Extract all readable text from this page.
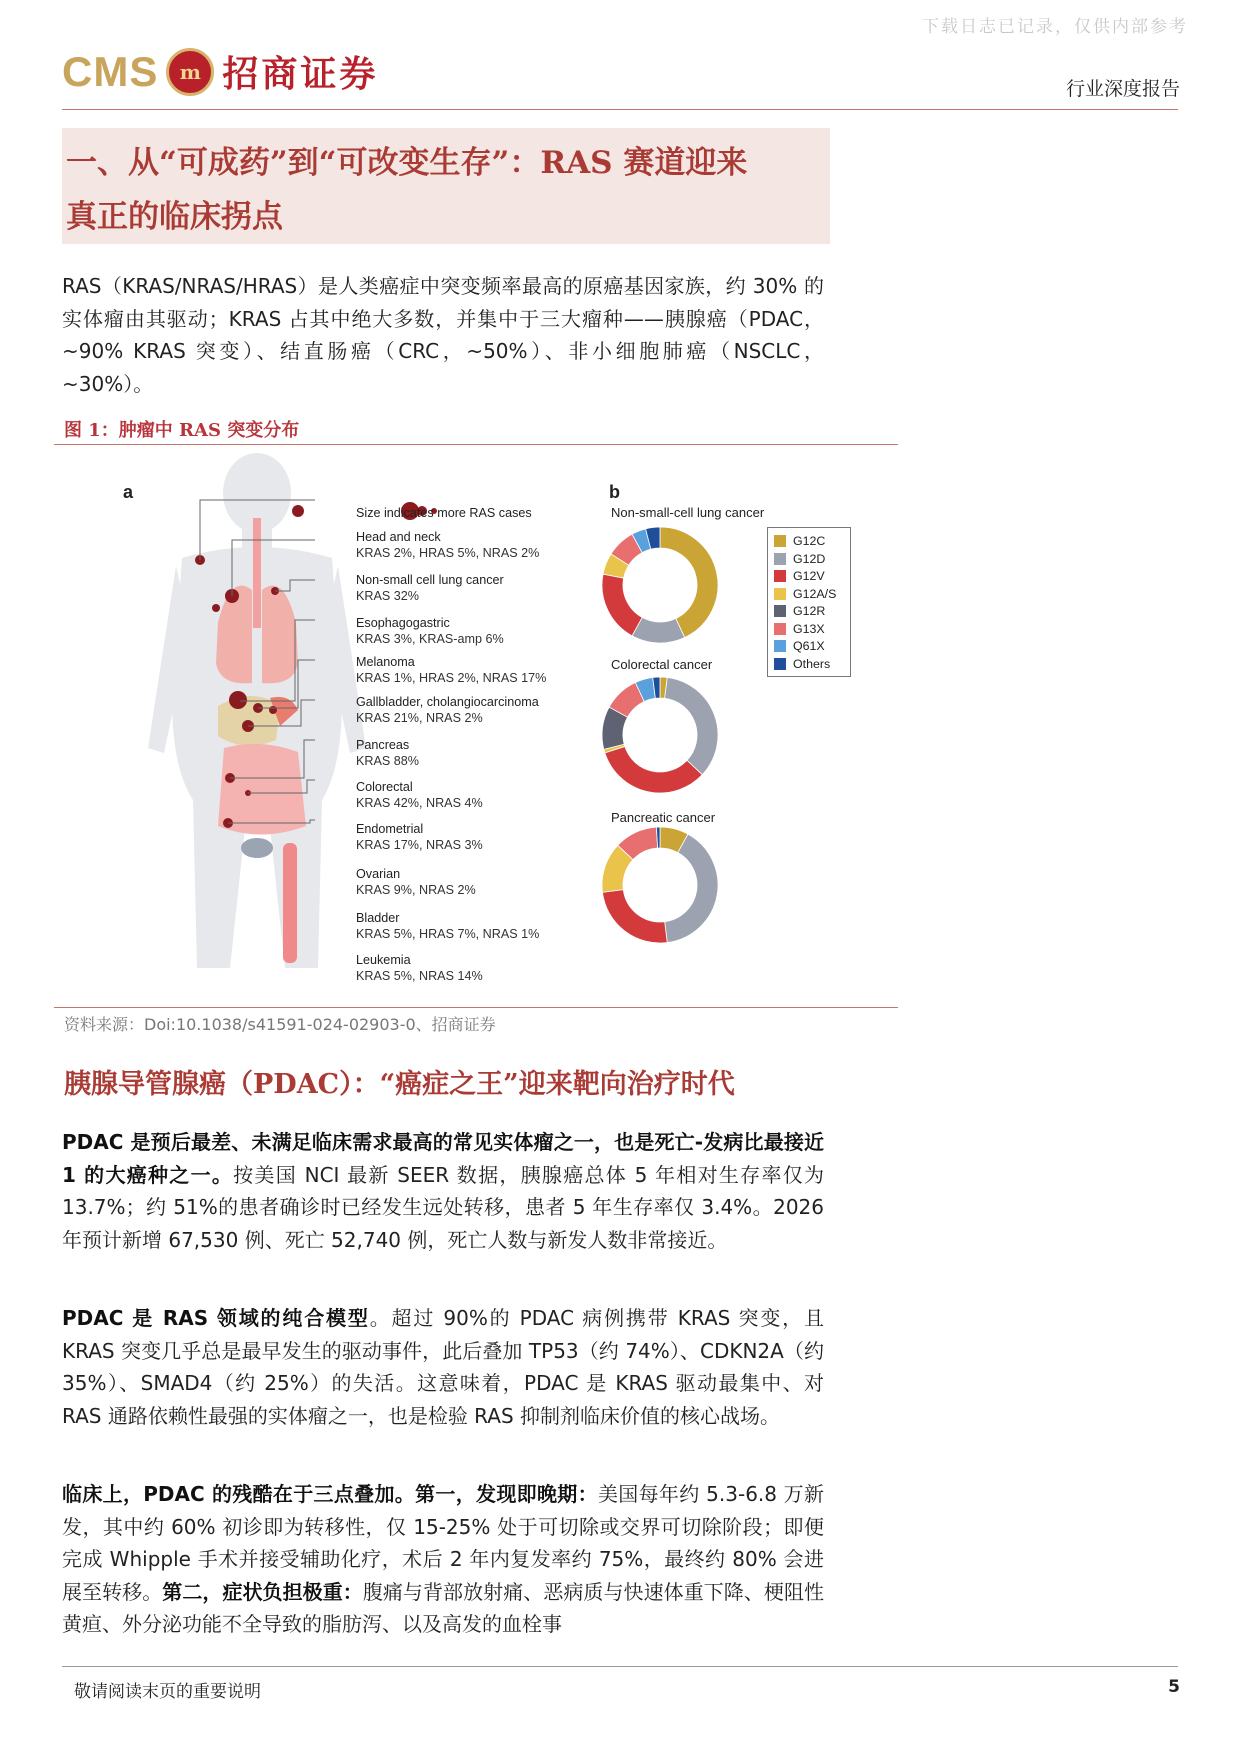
下载日志已记录，仅供内部参考
CMS	m 招商证券	行业深度报告
一、从“可成药”到“可改变生存”：RAS 赛道迎来
真正的临床拐点
RAS（KRAS/NRAS/HRAS）是人类癌症中突变频率最高的原癌基因家族，约 30% 的实体瘤由其驱动；KRAS 占其中绝大多数，并集中于三大瘤种——胰腺癌（PDAC，~90% KRAS 突变）、结直肠癌（CRC，~50%）、非小细胞肺癌（NSCLC，~30%）。
图 1：肿瘤中 RAS 突变分布
a	b
Size indicates more RAS cases
Head and neck
KRAS 2%, HRAS 5%, NRAS 2%
Non-small cell lung cancer
KRAS 32%
Esophagogastric
KRAS 3%, KRAS-amp 6%
Melanoma
KRAS 1%, HRAS 2%, NRAS 17%
Gallbladder, cholangiocarcinoma
KRAS 21%, NRAS 2%
Pancreas
KRAS 88%
Colorectal
KRAS 42%, NRAS 4%
Endometrial
KRAS 17%, NRAS 3%
Ovarian
KRAS 9%, NRAS 2%
Bladder
KRAS 5%, HRAS 7%, NRAS 1%
Leukemia
KRAS 5%, NRAS 14%
Non-small-cell lung cancer
Colorectal cancer
Pancreatic cancer
G12C
G12D
G12V
G12A/S
G12R
G13X
Q61X
Others
资料来源：Doi:10.1038/s41591-024-02903-0、招商证券
胰腺导管腺癌（PDAC）：“癌症之王”迎来靶向治疗时代
PDAC 是预后最差、未满足临床需求最高的常见实体瘤之一，也是死亡-发病比最接近 1 的大癌种之一。按美国 NCI 最新 SEER 数据，胰腺癌总体 5 年相对生存率仅为 13.7%；约 51%的患者确诊时已经发生远处转移，患者 5 年生存率仅 3.4%。2026 年预计新增 67,530 例、死亡 52,740 例，死亡人数与新发人数非常接近。
PDAC 是 RAS 领域的纯合模型。超过 90%的 PDAC 病例携带 KRAS 突变，且 KRAS 突变几乎总是最早发生的驱动事件，此后叠加 TP53（约 74%）、CDKN2A（约 35%）、SMAD4（约 25%）的失活。这意味着，PDAC 是 KRAS 驱动最集中、对 RAS 通路依赖性最强的实体瘤之一，也是检验 RAS 抑制剂临床价值的核心战场。
临床上，PDAC 的残酷在于三点叠加。第一，发现即晚期：美国每年约 5.3-6.8 万新发，其中约 60% 初诊即为转移性，仅 15-25% 处于可切除或交界可切除阶段；即便完成 Whipple 手术并接受辅助化疗，术后 2 年内复发率约 75%，最终约 80% 会进展至转移。第二，症状负担极重：腹痛与背部放射痛、恶病质与快速体重下降、梗阻性黄疸、外分泌功能不全导致的脂肪泻、以及高发的血栓事
敬请阅读末页的重要说明	5
